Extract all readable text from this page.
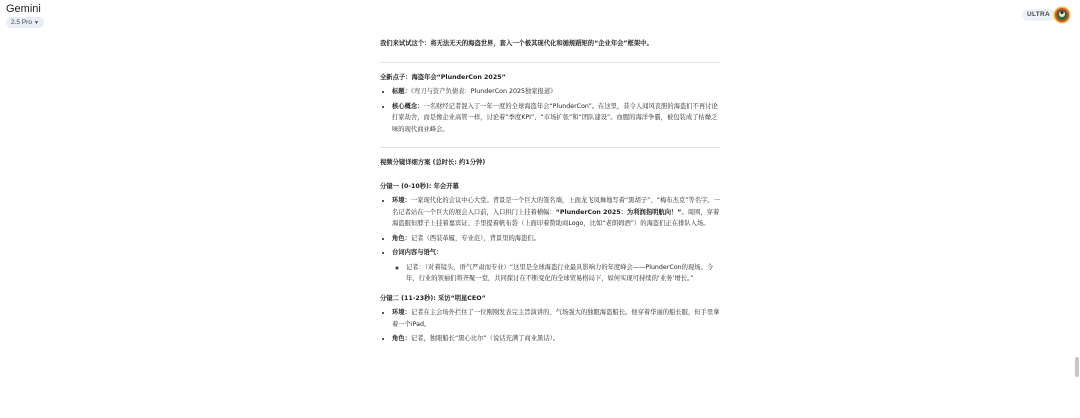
Gemini
2.5 Pro ▼
ULTRA

我们来试试这个：将无法无天的海盗世界，套入一个极其现代化和循规蹈矩的“企业年会”框架中。

全新点子：海盗年会“PlunderCon 2025”

• 标题：《弯刀与资产负债表：PlunderCon 2025独家报道》
• 核心概念：一名财经记者混入了一年一度的全球海盗年会“PlunderCon”。在这里，昔令人闻风丧胆的海盗们不再讨论打家劫舍，而是像企业高管一样，讨论着“季度KPI”、“市场扩张”和“团队建设”。血腥的海洋争霸，被包装成了枯燥乏味的现代商业峰会。

视频分镜详细方案 (总时长: 约1分钟)

分镜一 (0-10秒): 年会开幕

• 环境：一家现代化的会议中心大堂。背景是一个巨大的签名墙，上面龙飞凤舞地写着“黑胡子”、“梅布杰克”等名字。一名记者站在一个巨大的展会入口前，入口拱门上挂着横幅：“PlunderCon 2025：为利润指明航向！”。周围，穿着海盗服但脖子上挂着嘉宾证、手里提着帆布袋（上面印着赞助商Logo，比如“老朗姆酒”）的海盗们正在排队入场。
• 角色：记者（西装革履，专业范），背景里的海盗们。
• 台词内容与语气：
◦ 记者：（对着镜头，语气严肃而专业）“这里是全球海盗行业最具影响力的年度峰会——PlunderCon的现场。今年，行业的领袖们将齐聚一堂，共同探讨在不断变化的全球贸易格局下，如何实现可持续的‘业务’增长。”

分镜二 (11-23秒): 采访“明星CEO”

• 环境：记者在主会场外拦住了一位刚刚发表完主旨演讲的、气场强大的独眼海盗船长。他穿着华丽的船长服，但手里拿着一个iPad。
• 角色：记者，独眼船长“黑心比尔”（说话充满了商业黑话）。
